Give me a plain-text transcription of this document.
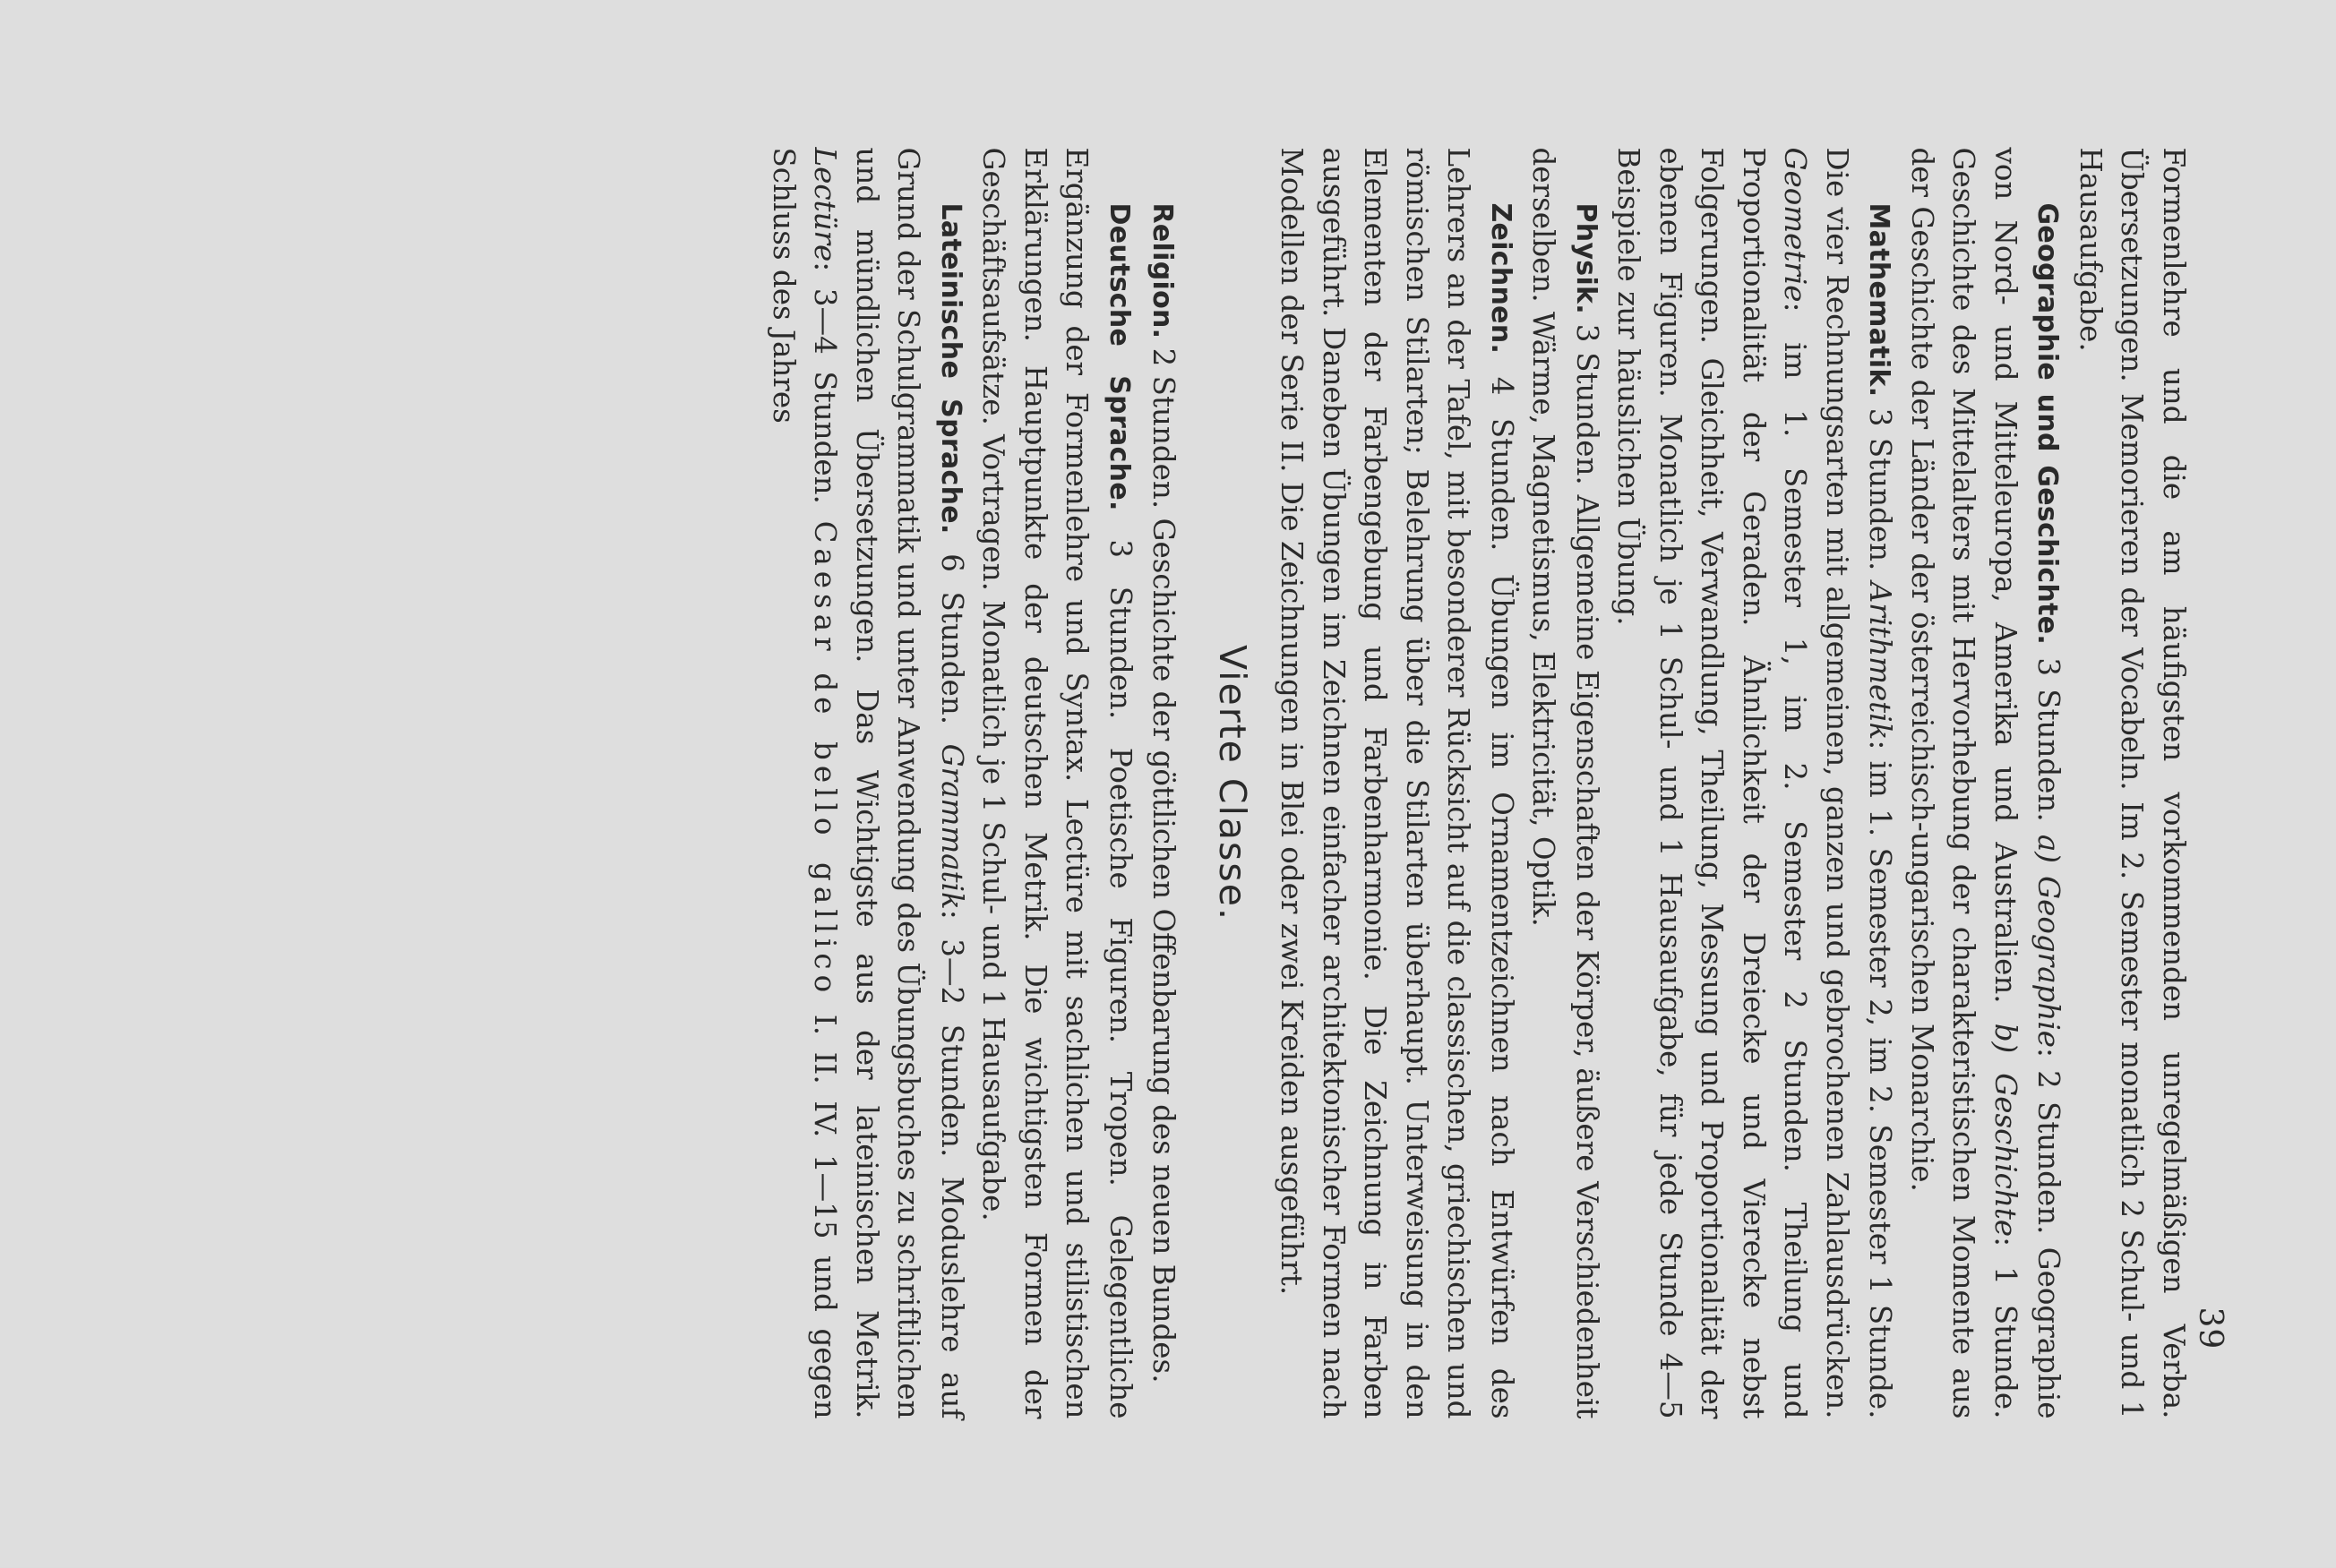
39

Formenlehre und die am häufigsten vorkommenden unregelmäßigen Verba. Übersetzungen. Memorieren der Vocabeln. Im 2. Semester monatlich 2 Schul- und 1 Hausaufgabe.

Geographie und Geschichte. 3 Stunden. a) Geographie: 2 Stunden. Geographie von Nord- und Mitteleuropa, Amerika und Australien. b) Geschichte: 1 Stunde. Geschichte des Mittelalters mit Hervorhebung der charakteristischen Momente aus der Geschichte der Länder der österreichisch-ungarischen Monarchie.

Mathematik. 3 Stunden. Arithmetik: im 1. Semester 2, im 2. Semester 1 Stunde. Die vier Rechnungsarten mit allgemeinen, ganzen und gebrochenen Zahlausdrücken. Geometrie: im 1. Semester 1, im 2. Semester 2 Stunden. Theilung und Proportionalität der Geraden. Ähnlichkeit der Dreiecke und Vierecke nebst Folgerungen. Gleichheit, Verwandlung, Theilung, Messung und Proportionalität der ebenen Figuren. Monatlich je 1 Schul- und 1 Hausaufgabe, für jede Stunde 4—5 Beispiele zur häuslichen Übung.

Physik. 3 Stunden. Allgemeine Eigenschaften der Körper, äußere Verschiedenheit derselben. Wärme, Magnetismus, Elektricität, Optik.

Zeichnen. 4 Stunden. Übungen im Ornamentzeichnen nach Entwürfen des Lehrers an der Tafel, mit besonderer Rücksicht auf die classischen, griechischen und römischen Stilarten; Belehrung über die Stilarten überhaupt. Unterweisung in den Elementen der Farbengebung und Farbenharmonie. Die Zeichnung in Farben ausgeführt. Daneben Übungen im Zeichnen einfacher architektonischer Formen nach Modellen der Serie II. Die Zeichnungen in Blei oder zwei Kreiden ausgeführt.

Vierte Classe.

Religion. 2 Stunden. Geschichte der göttlichen Offenbarung des neuen Bundes.

Deutsche Sprache. 3 Stunden. Poetische Figuren. Tropen. Gelegentliche Ergänzung der Formenlehre und Syntax. Lectüre mit sachlichen und stilistischen Erklärungen. Hauptpunkte der deutschen Metrik. Die wichtigsten Formen der Geschäftsaufsätze. Vortragen. Monatlich je 1 Schul- und 1 Hausaufgabe.

Lateinische Sprache. 6 Stunden. Grammatik: 3—2 Stunden. Moduslehre auf Grund der Schulgrammatik und unter Anwendung des Übungsbuches zu schriftlichen und mündlichen Übersetzungen. Das Wichtigste aus der lateinischen Metrik. Lectüre: 3—4 Stunden. Caesar de bello gallico I. II. IV. 1—15 und gegen Schluss des Jahres
